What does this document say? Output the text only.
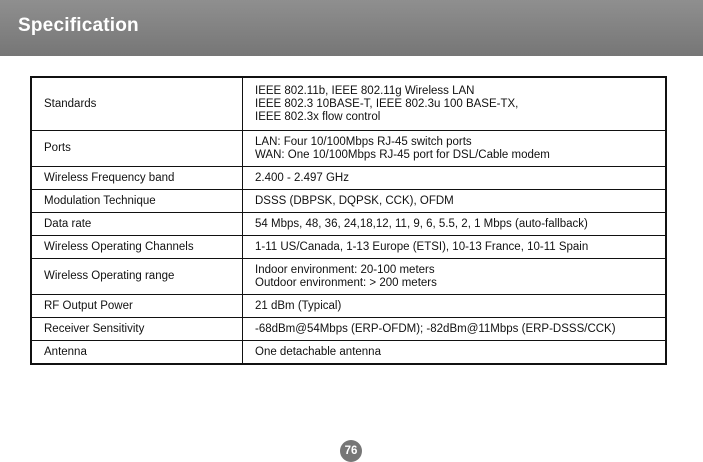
Specification
Standards	IEEE 802.11b, IEEE 802.11g Wireless LAN
IEEE 802.3 10BASE-T, IEEE 802.3u 100 BASE-TX,
IEEE 802.3x flow control

Ports	LAN: Four 10/100Mbps RJ-45 switch ports
WAN: One 10/100Mbps RJ-45 port for DSL/Cable modem

Wireless Frequency band	2.400 - 2.497 GHz

Modulation Technique	DSSS (DBPSK, DQPSK, CCK), OFDM

Data rate	54 Mbps, 48, 36, 24,18,12, 11, 9, 6, 5.5, 2, 1 Mbps (auto-fallback)

Wireless Operating Channels	1-11 US/Canada, 1-13 Europe (ETSI), 10-13 France, 10-11 Spain

Wireless Operating range	Indoor environment: 20-100 meters
Outdoor environment: > 200 meters

RF Output Power	21 dBm (Typical)

Receiver Sensitivity	-68dBm@54Mbps (ERP-OFDM); -82dBm@11Mbps (ERP-DSSS/CCK)

Antenna	One detachable antenna
76
